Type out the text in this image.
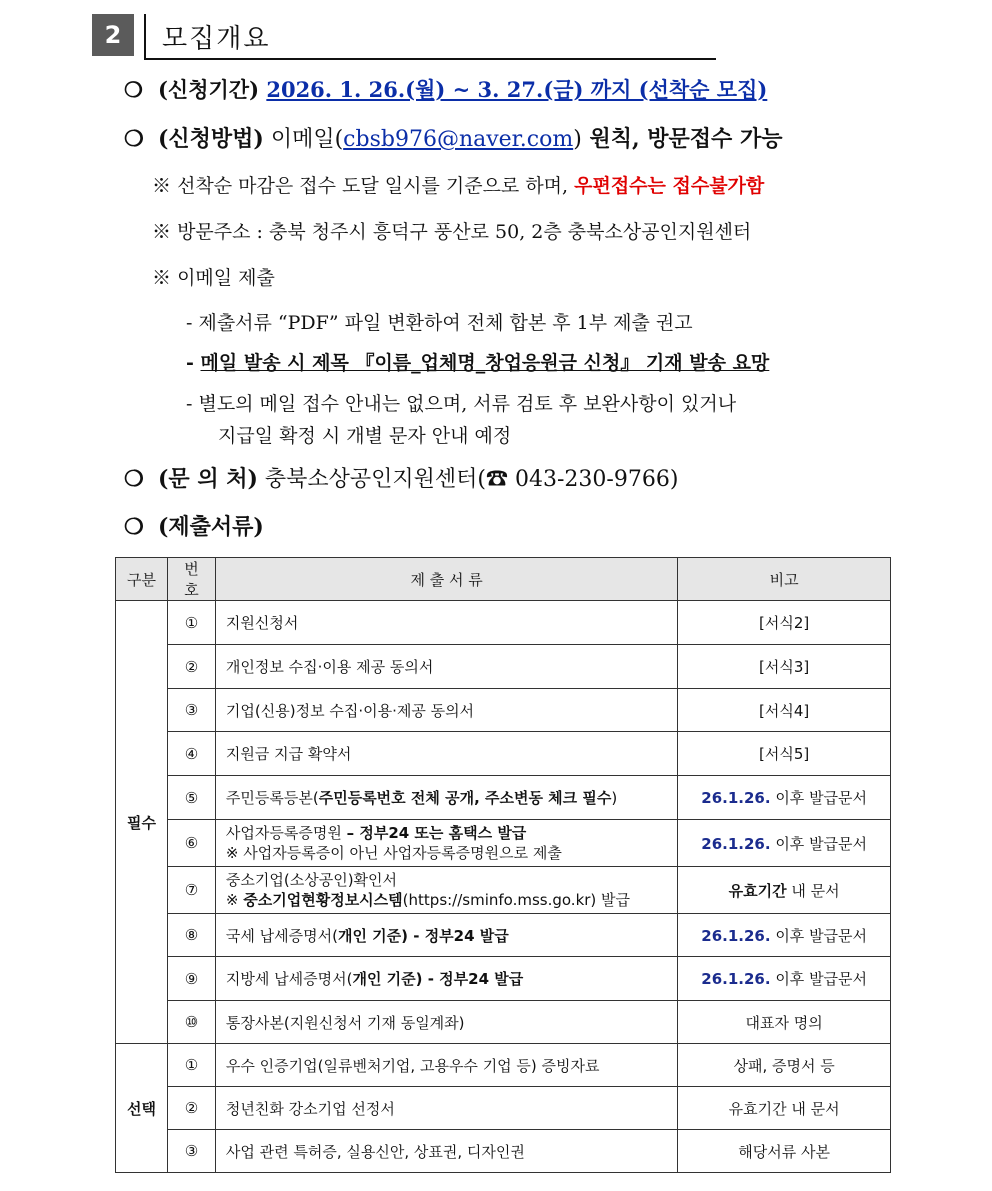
2	모집개요
❍ (신청기간) 2026. 1. 26.(월) ~ 3. 27.(금) 까지 (선착순 모집)
❍ (신청방법) 이메일(cbsb976@naver.com) 원칙, 방문접수 가능
※ 선착순 마감은 접수 도달 일시를 기준으로 하며, 우편접수는 접수불가함
※ 방문주소 : 충북 청주시 흥덕구 풍산로 50, 2층 충북소상공인지원센터
※ 이메일 제출
- 제출서류 “PDF” 파일 변환하여 전체 합본 후 1부 제출 권고
- 메일 발송 시 제목 『이름_업체명_창업응원금 신청』 기재 발송 요망
- 별도의 메일 접수 안내는 없으며, 서류 검토 후 보완사항이 있거나
지급일 확정 시 개별 문자 안내 예정
❍ (문 의 처) 충북소상공인지원센터(☎ 043-230-9766)
❍ (제출서류)
구분	번호	제 출 서 류	비고
필수	①	지원신청서	[서식2]
	②	개인정보 수집·이용 제공 동의서	[서식3]
	③	기업(신용)정보 수집·이용·제공 동의서	[서식4]
	④	지원금 지급 확약서	[서식5]
	⑤	주민등록등본(주민등록번호 전체 공개, 주소변동 체크 필수)	26.1.26. 이후 발급문서
	⑥	사업자등록증명원 – 정부24 또는 홈택스 발급
※ 사업자등록증이 아닌 사업자등록증명원으로 제출	26.1.26. 이후 발급문서
	⑦	중소기업(소상공인)확인서
※ 중소기업현황정보시스템(https://sminfo.mss.go.kr) 발급	유효기간 내 문서
	⑧	국세 납세증명서(개인 기준) - 정부24 발급	26.1.26. 이후 발급문서
	⑨	지방세 납세증명서(개인 기준) - 정부24 발급	26.1.26. 이후 발급문서
	⑩	통장사본(지원신청서 기재 동일계좌)	대표자 명의
선택	①	우수 인증기업(일류벤처기업, 고용우수 기업 등) 증빙자료	상패, 증명서 등
	②	청년친화 강소기업 선정서	유효기간 내 문서
	③	사업 관련 특허증, 실용신안, 상표권, 디자인권	해당서류 사본
